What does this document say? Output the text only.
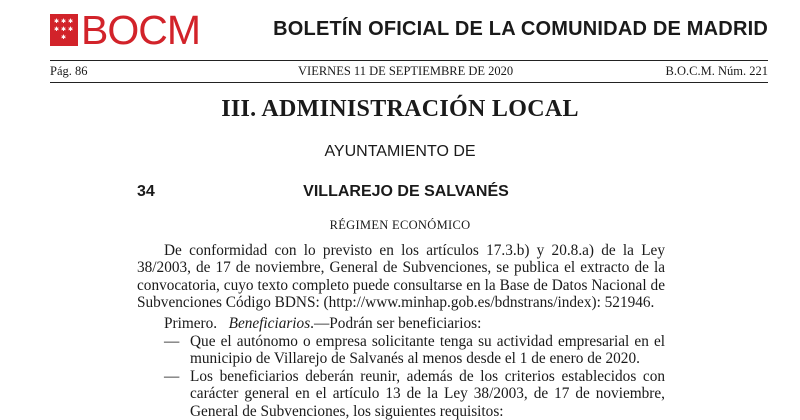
✱ ✱ ✱
✱ ✱ ✱
✱ BOCM	BOLETÍN OFICIAL DE LA COMUNIDAD DE MADRID
Pág. 86	VIERNES 11 DE SEPTIEMBRE DE 2020	B.O.C.M. Núm. 221
III. ADMINISTRACIÓN LOCAL
AYUNTAMIENTO DE
34	VILLAREJO DE SALVANÉS
RÉGIMEN ECONÓMICO
De conformidad con lo previsto en los artículos 17.3.b) y 20.8.a) de la Ley 38/2003, de 17 de noviembre, General de Subvenciones, se publica el extracto de la convocatoria, cuyo texto completo puede consultarse en la Base de Datos Nacional de Subvenciones Código BDNS: (http://www.minhap.gob.es/bdnstrans/index): 521946.
Primero. Beneficiarios.—Podrán ser beneficiarios:
— Que el autónomo o empresa solicitante tenga su actividad empresarial en el municipio de Villarejo de Salvanés al menos desde el 1 de enero de 2020.
— Los beneficiarios deberán reunir, además de los criterios establecidos con carácter general en el artículo 13 de la Ley 38/2003, de 17 de noviembre, General de Subvenciones, los siguientes requisitos:
